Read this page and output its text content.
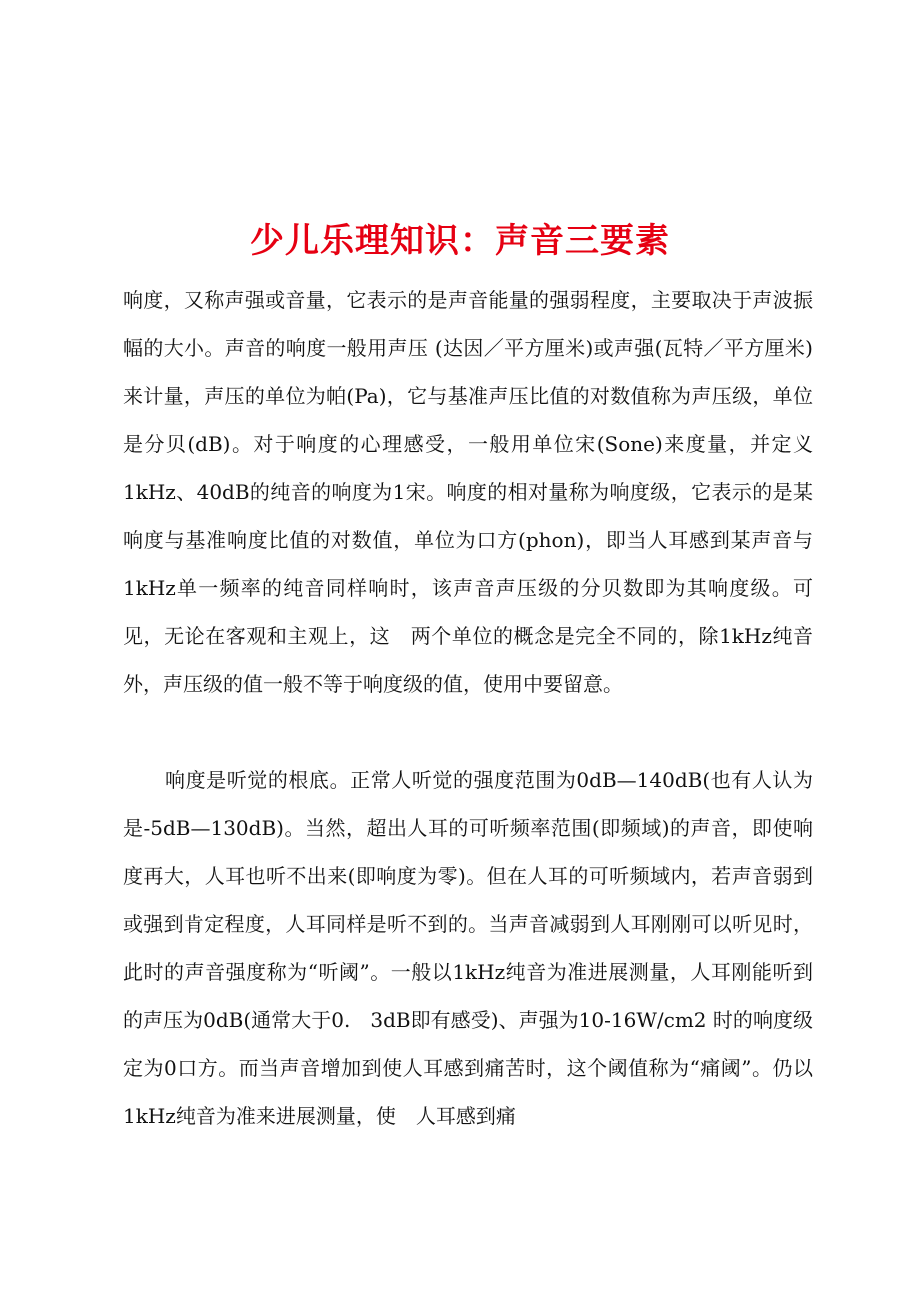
少儿乐理知识：声音三要素

响度，又称声强或音量，它表示的是声音能量的强弱程度，主要取决于声波振幅的大小。声音的响度一般用声压 (达因／平方厘米)或声强(瓦特／平方厘米)来计量，声压的单位为帕(Pa)，它与基准声压比值的对数值称为声压级，单位是分贝(dB)。对于响度的心理感受，一般用单位宋(Sone)来度量，并定义1kHz、40dB的纯音的响度为1宋。响度的相对量称为响度级，它表示的是某响度与基准响度比值的对数值，单位为口方(phon)，即当人耳感到某声音与1kHz单一频率的纯音同样响时，该声音声压级的分贝数即为其响度级。可见，无论在客观和主观上，这　两个单位的概念是完全不同的，除1kHz纯音外，声压级的值一般不等于响度级的值，使用中要留意。

响度是听觉的根底。正常人听觉的强度范围为0dB—140dB(也有人认为是-5dB—130dB)。当然，超出人耳的可听频率范围(即频域)的声音，即使响度再大，人耳也听不出来(即响度为零)。但在人耳的可听频域内，若声音弱到或强到肯定程度，人耳同样是听不到的。当声音减弱到人耳刚刚可以听见时，此时的声音强度称为“听阈”。一般以1kHz纯音为准进展测量，人耳刚能听到的声压为0dB(通常大于0.　3dB即有感受)、声强为10-16W/cm2 时的响度级定为0口方。而当声音增加到使人耳感到痛苦时，这个阈值称为“痛阈”。仍以1kHz纯音为准来进展测量，使　人耳感到痛
